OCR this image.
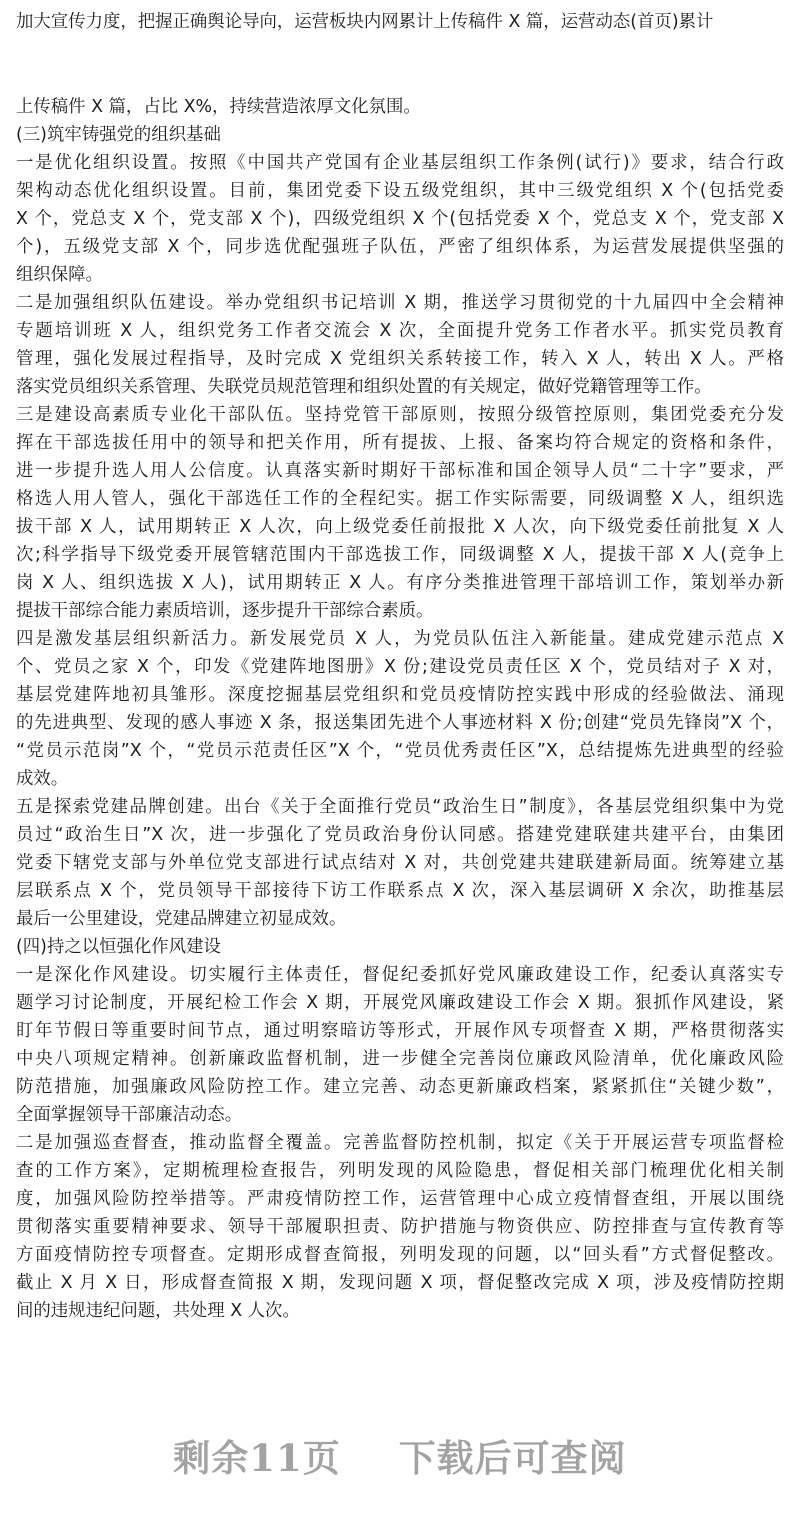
加大宣传力度，把握正确舆论导向，运营板块内网累计上传稿件 X 篇，运营动态(首页)累计
上传稿件 X 篇，占比 X%，持续营造浓厚文化氛围。
(三)筑牢铸强党的组织基础
一是优化组织设置。按照《中国共产党国有企业基层组织工作条例(试行)》要求，结合行政
架构动态优化组织设置。目前，集团党委下设五级党组织，其中三级党组织 X 个(包括党委
X 个，党总支 X 个，党支部 X 个)，四级党组织 X 个(包括党委 X 个，党总支 X 个，党支部 X
个)，五级党支部 X 个，同步选优配强班子队伍，严密了组织体系，为运营发展提供坚强的
组织保障。
二是加强组织队伍建设。举办党组织书记培训 X 期，推送学习贯彻党的十九届四中全会精神
专题培训班 X 人，组织党务工作者交流会 X 次，全面提升党务工作者水平。抓实党员教育
管理，强化发展过程指导，及时完成 X 党组织关系转接工作，转入 X 人，转出 X 人。严格
落实党员组织关系管理、失联党员规范管理和组织处置的有关规定，做好党籍管理等工作。
三是建设高素质专业化干部队伍。坚持党管干部原则，按照分级管控原则，集团党委充分发
挥在干部选拔任用中的领导和把关作用，所有提拔、上报、备案均符合规定的资格和条件，
进一步提升选人用人公信度。认真落实新时期好干部标准和国企领导人员“二十字”要求，严
格选人用人管人，强化干部选任工作的全程纪实。据工作实际需要，同级调整 X 人，组织选
拔干部 X 人，试用期转正 X 人次，向上级党委任前报批 X 人次，向下级党委任前批复 X 人
次;科学指导下级党委开展管辖范围内干部选拔工作，同级调整 X 人，提拔干部 X 人(竞争上
岗 X 人、组织选拔 X 人)，试用期转正 X 人。有序分类推进管理干部培训工作，策划举办新
提拔干部综合能力素质培训，逐步提升干部综合素质。
四是激发基层组织新活力。新发展党员 X 人，为党员队伍注入新能量。建成党建示范点 X
个、党员之家 X 个，印发《党建阵地图册》X 份;建设党员责任区 X 个，党员结对子 X 对，
基层党建阵地初具雏形。深度挖掘基层党组织和党员疫情防控实践中形成的经验做法、涌现
的先进典型、发现的感人事迹 X 条，报送集团先进个人事迹材料 X 份;创建“党员先锋岗”X 个，
“党员示范岗”X 个，“党员示范责任区”X 个，“党员优秀责任区”X，总结提炼先进典型的经验
成效。
五是探索党建品牌创建。出台《关于全面推行党员“政治生日”制度》，各基层党组织集中为党
员过“政治生日”X 次，进一步强化了党员政治身份认同感。搭建党建联建共建平台，由集团
党委下辖党支部与外单位党支部进行试点结对 X 对，共创党建共建联建新局面。统筹建立基
层联系点 X 个，党员领导干部接待下访工作联系点 X 次，深入基层调研 X 余次，助推基层
最后一公里建设，党建品牌建立初显成效。
(四)持之以恒强化作风建设
一是深化作风建设。切实履行主体责任，督促纪委抓好党风廉政建设工作，纪委认真落实专
题学习讨论制度，开展纪检工作会 X 期，开展党风廉政建设工作会 X 期。狠抓作风建设，紧
盯年节假日等重要时间节点，通过明察暗访等形式，开展作风专项督查 X 期，严格贯彻落实
中央八项规定精神。创新廉政监督机制，进一步健全完善岗位廉政风险清单，优化廉政风险
防范措施，加强廉政风险防控工作。建立完善、动态更新廉政档案，紧紧抓住“关键少数”，
全面掌握领导干部廉洁动态。
二是加强巡查督查，推动监督全覆盖。完善监督防控机制，拟定《关于开展运营专项监督检
查的工作方案》，定期梳理检查报告，列明发现的风险隐患，督促相关部门梳理优化相关制
度，加强风险防控举措等。严肃疫情防控工作，运营管理中心成立疫情督查组，开展以围绕
贯彻落实重要精神要求、领导干部履职担责、防护措施与物资供应、防控排查与宣传教育等
方面疫情防控专项督查。定期形成督查简报，列明发现的问题，以“回头看”方式督促整改。
截止 X 月 X 日，形成督查简报 X 期，发现问题 X 项，督促整改完成 X 项，涉及疫情防控期
间的违规违纪问题，共处理 X 人次。
剩余11页 下载后可查阅
